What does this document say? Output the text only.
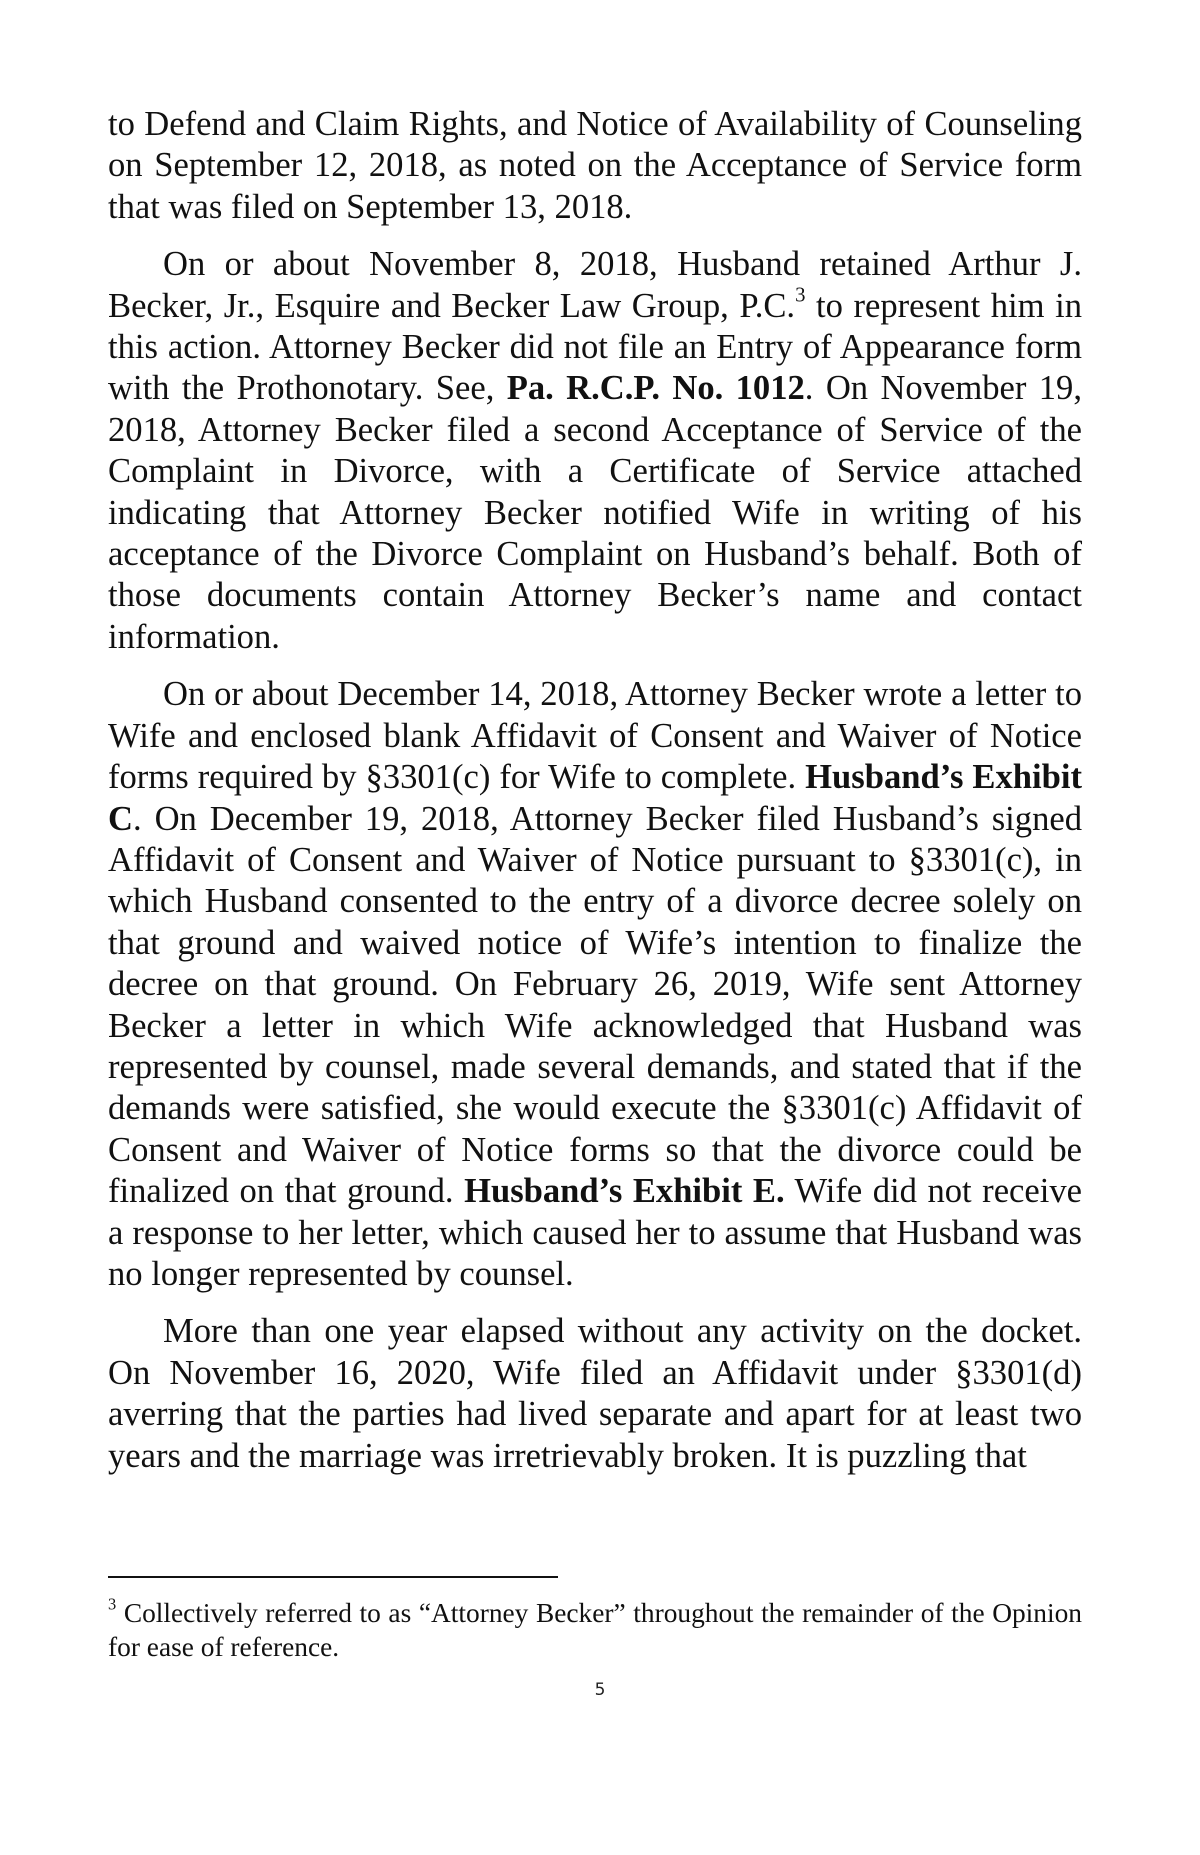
to Defend and Claim Rights, and Notice of Availability of Counseling on September 12, 2018, as noted on the Acceptance of Service form that was filed on September 13, 2018.

On or about November 8, 2018, Husband retained Arthur J. Becker, Jr., Esquire and Becker Law Group, P.C.$^3$ to represent him in this action. Attorney Becker did not file an Entry of Appearance form with the Prothonotary. See, Pa. R.C.P. No. 1012. On November 19, 2018, Attorney Becker filed a second Acceptance of Service of the Complaint in Divorce, with a Certificate of Service attached indicating that Attorney Becker notified Wife in writing of his acceptance of the Divorce Complaint on Husband’s behalf. Both of those documents contain Attorney Becker’s name and contact information.

On or about December 14, 2018, Attorney Becker wrote a letter to Wife and enclosed blank Affidavit of Consent and Waiver of Notice forms required by §3301(c) for Wife to complete. Husband’s Exhibit C. On December 19, 2018, Attorney Becker filed Husband’s signed Affidavit of Consent and Waiver of Notice pursuant to §3301(c), in which Husband consented to the entry of a divorce decree solely on that ground and waived notice of Wife’s intention to finalize the decree on that ground. On February 26, 2019, Wife sent Attorney Becker a letter in which Wife acknowledged that Husband was represented by counsel, made several demands, and stated that if the demands were satisfied, she would execute the §3301(c) Affidavit of Consent and Waiver of Notice forms so that the divorce could be finalized on that ground. Husband’s Exhibit E. Wife did not receive a response to her letter, which caused her to assume that Husband was no longer represented by counsel.

More than one year elapsed without any activity on the docket. On November 16, 2020, Wife filed an Affidavit under §3301(d) averring that the parties had lived separate and apart for at least two years and the marriage was irretrievably broken. It is puzzling that

$^3$ Collectively referred to as “Attorney Becker” throughout the remainder of the Opinion for ease of reference.
5
